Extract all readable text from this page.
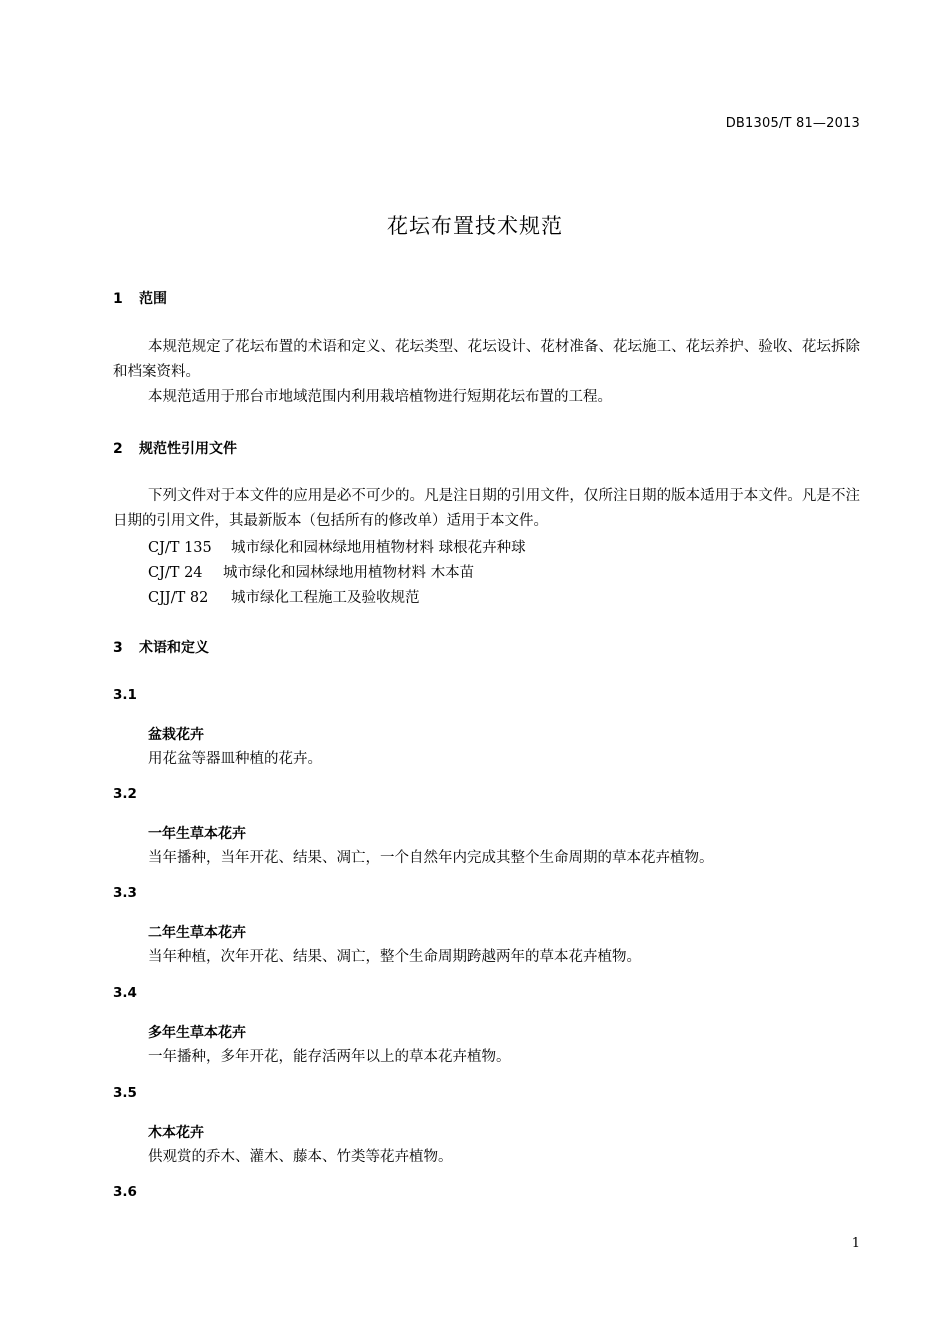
DB1305/T 81—2013
花坛布置技术规范
1 范围
本规范规定了花坛布置的术语和定义、花坛类型、花坛设计、花材准备、花坛施工、花坛养护、验收、花坛拆除和档案资料。
本规范适用于邢台市地域范围内利用栽培植物进行短期花坛布置的工程。
2 规范性引用文件
下列文件对于本文件的应用是必不可少的。凡是注日期的引用文件，仅所注日期的版本适用于本文件。凡是不注日期的引用文件，其最新版本（包括所有的修改单）适用于本文件。
CJ/T 135 城市绿化和园林绿地用植物材料 球根花卉种球
CJ/T 24 城市绿化和园林绿地用植物材料 木本苗
CJJ/T 82 城市绿化工程施工及验收规范
3 术语和定义
3.1
盆栽花卉
用花盆等器皿种植的花卉。
3.2
一年生草本花卉
当年播种，当年开花、结果、凋亡，一个自然年内完成其整个生命周期的草本花卉植物。
3.3
二年生草本花卉
当年种植，次年开花、结果、凋亡，整个生命周期跨越两年的草本花卉植物。
3.4
多年生草本花卉
一年播种，多年开花，能存活两年以上的草本花卉植物。
3.5
木本花卉
供观赏的乔木、灌木、藤本、竹类等花卉植物。
3.6
1
